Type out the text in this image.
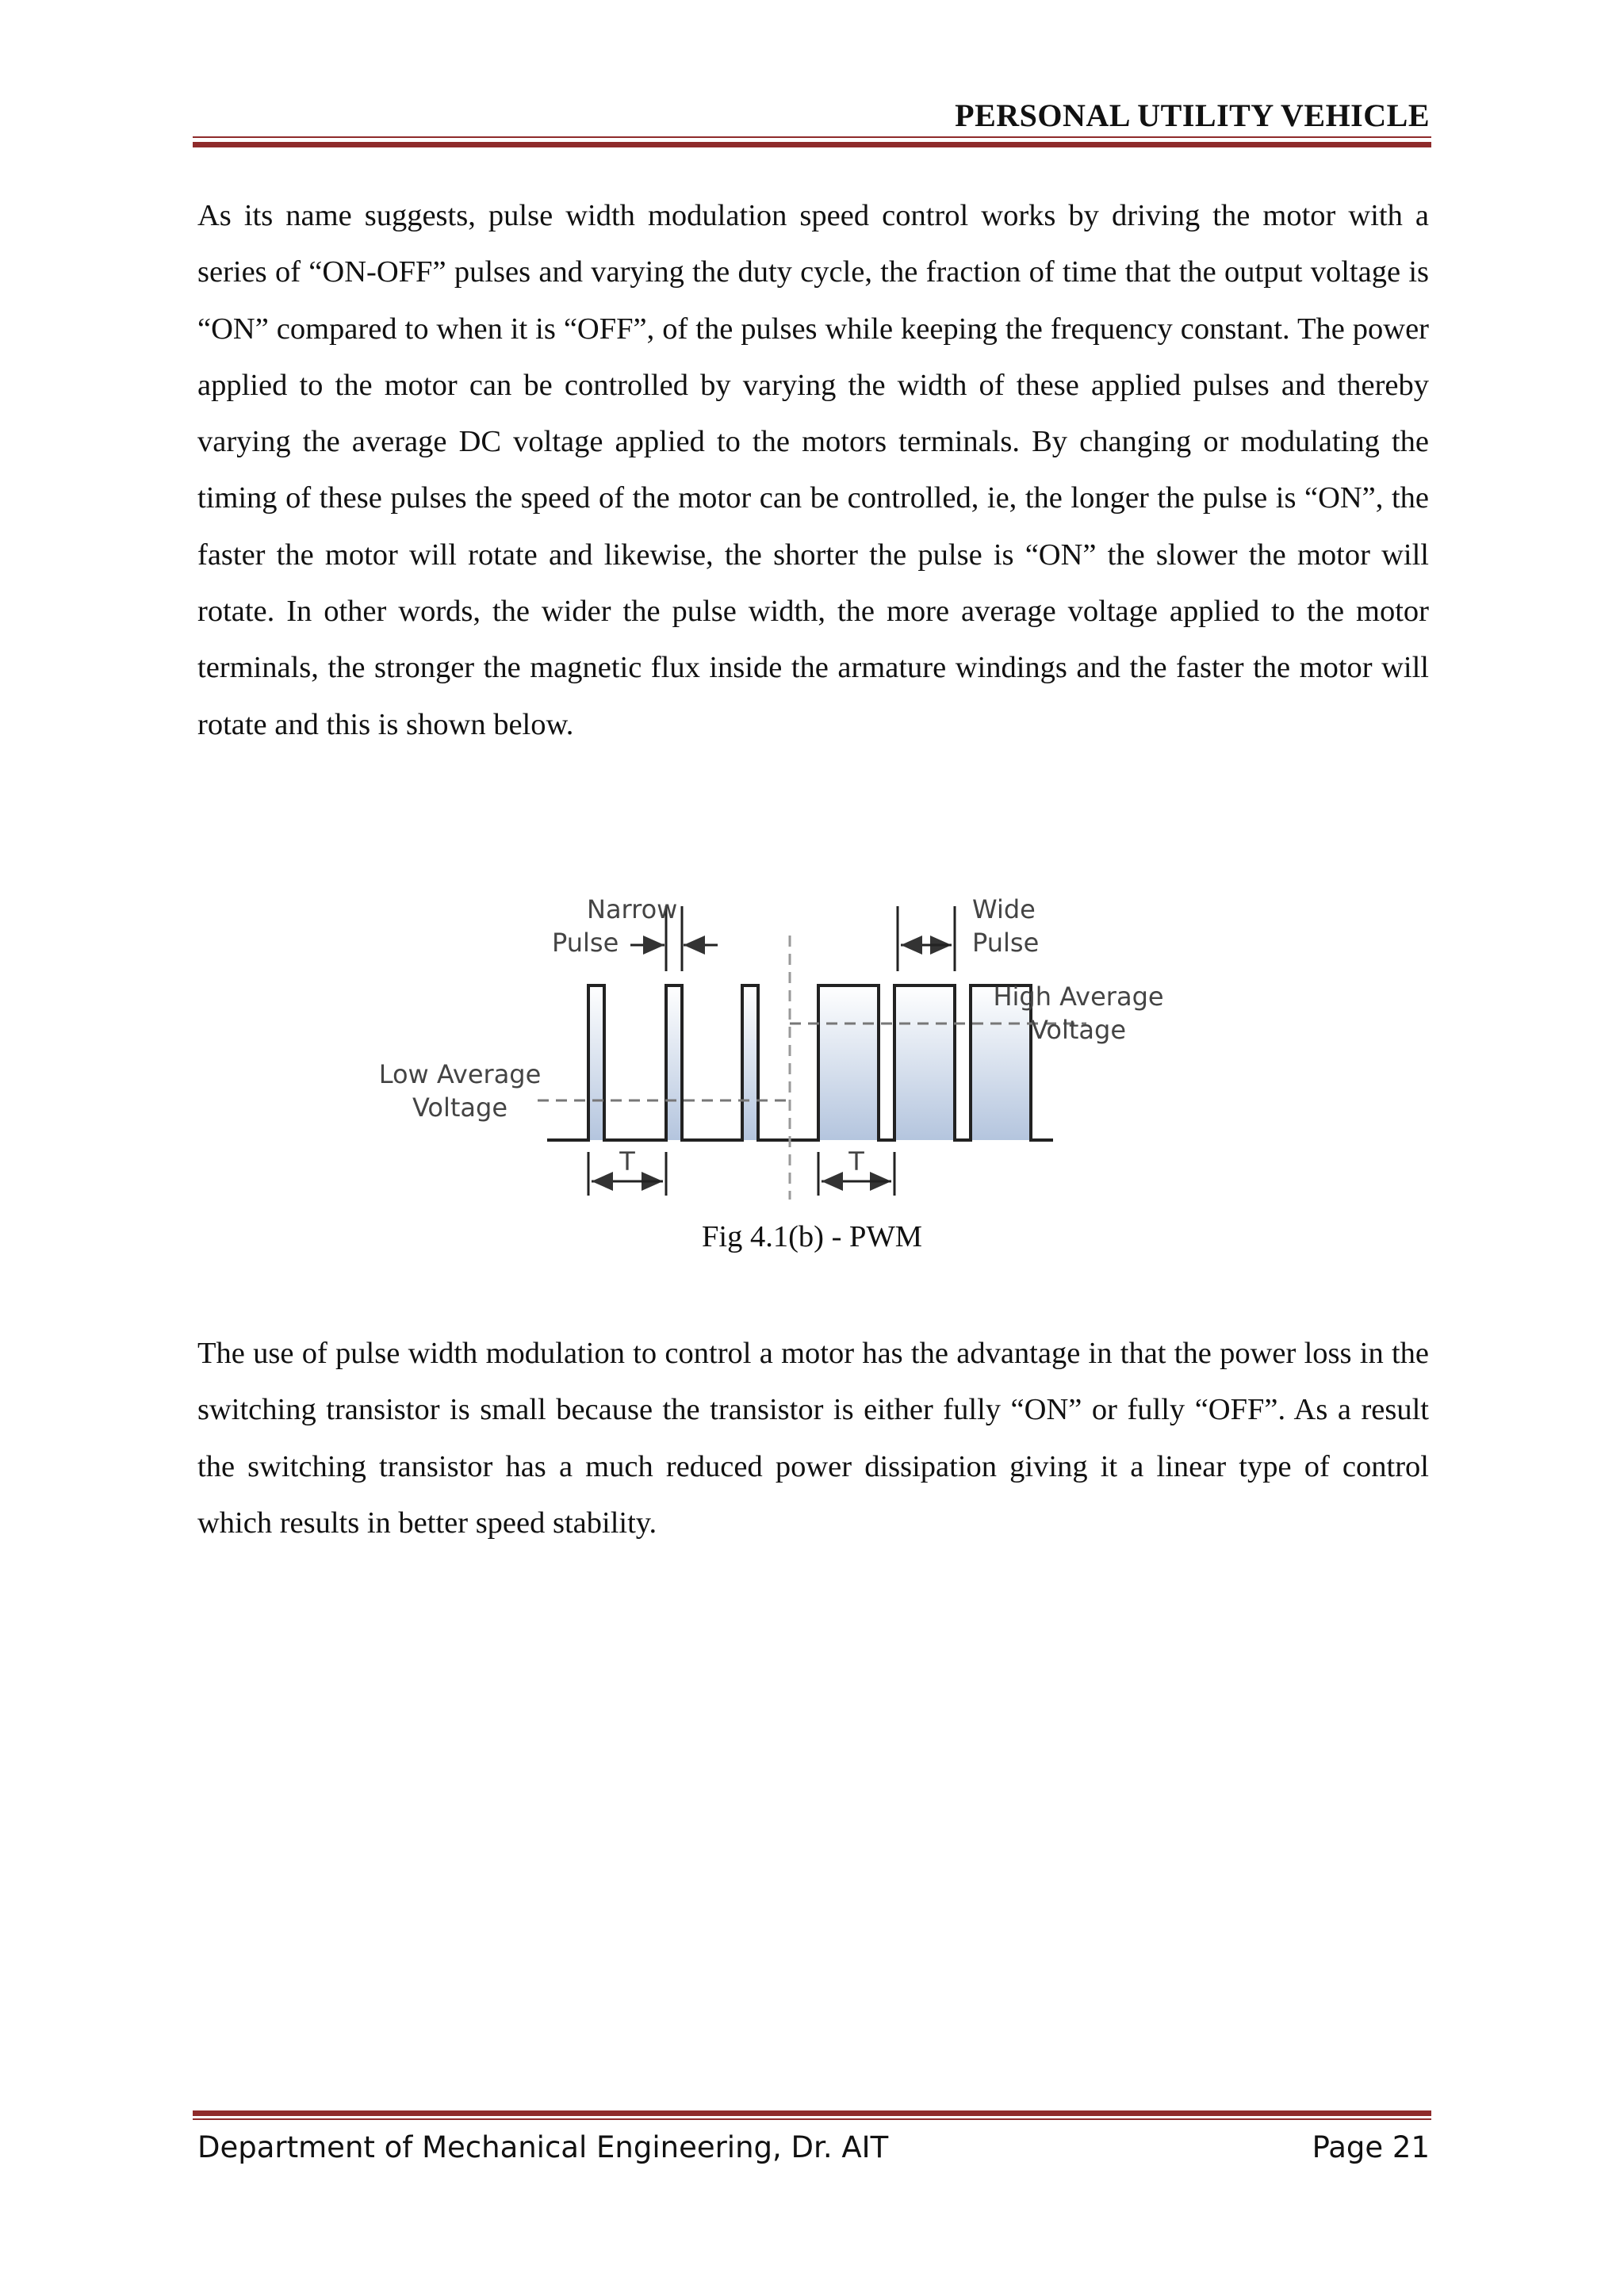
PERSONAL UTILITY VEHICLE

As its name suggests, pulse width modulation speed control works by driving the motor with a series of “ON-OFF” pulses and varying the duty cycle, the fraction of time that the output voltage is “ON” compared to when it is “OFF”, of the pulses while keeping the frequency constant. The power applied to the motor can be controlled by varying the width of these applied pulses and thereby varying the average DC voltage applied to the motors terminals. By changing or modulating the timing of these pulses the speed of the motor can be controlled, ie, the longer the pulse is “ON”, the faster the motor will rotate and likewise, the shorter the pulse is “ON” the slower the motor will rotate. In other words, the wider the pulse width, the more average voltage applied to the motor terminals, the stronger the magnetic flux inside the armature windings and the faster the motor will rotate and this is shown below.

Narrow
Pulse
Wide
Pulse
High Average
Voltage
Low Average
Voltage
T	T
Fig 4.1(b) - PWM

The use of pulse width modulation to control a motor has the advantage in that the power loss in the switching transistor is small because the transistor is either fully “ON” or fully “OFF”. As a result the switching transistor has a much reduced power dissipation giving it a linear type of control which results in better speed stability.

Department of Mechanical Engineering, Dr. AIT	Page 21
